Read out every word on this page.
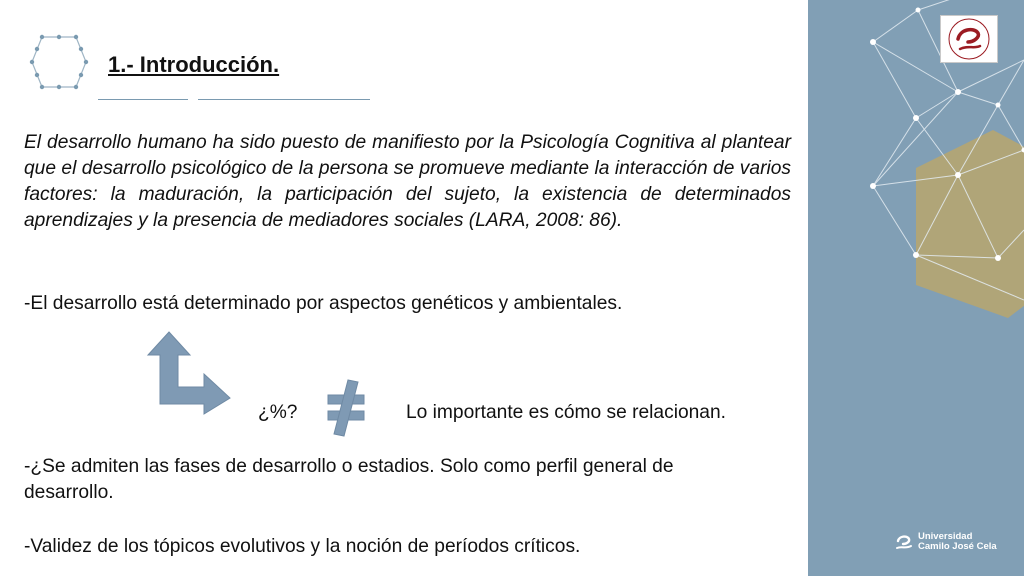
1.- Introducción.

El desarrollo humano ha sido puesto de manifiesto por la Psicología Cognitiva al plantear que el desarrollo psicológico de la persona se promueve mediante la interacción de varios factores: la maduración, la participación del sujeto, la existencia de determinados aprendizajes y la presencia de mediadores sociales (LARA, 2008: 86).

-El desarrollo está determinado por aspectos genéticos y ambientales.

¿%?	Lo importante es cómo se relacionan.

-¿Se admiten las fases de desarrollo o estadios. Solo como perfil general de

desarrollo.

-Validez de los tópicos evolutivos y la noción de períodos críticos.	Universidad
Camilo José Cela
